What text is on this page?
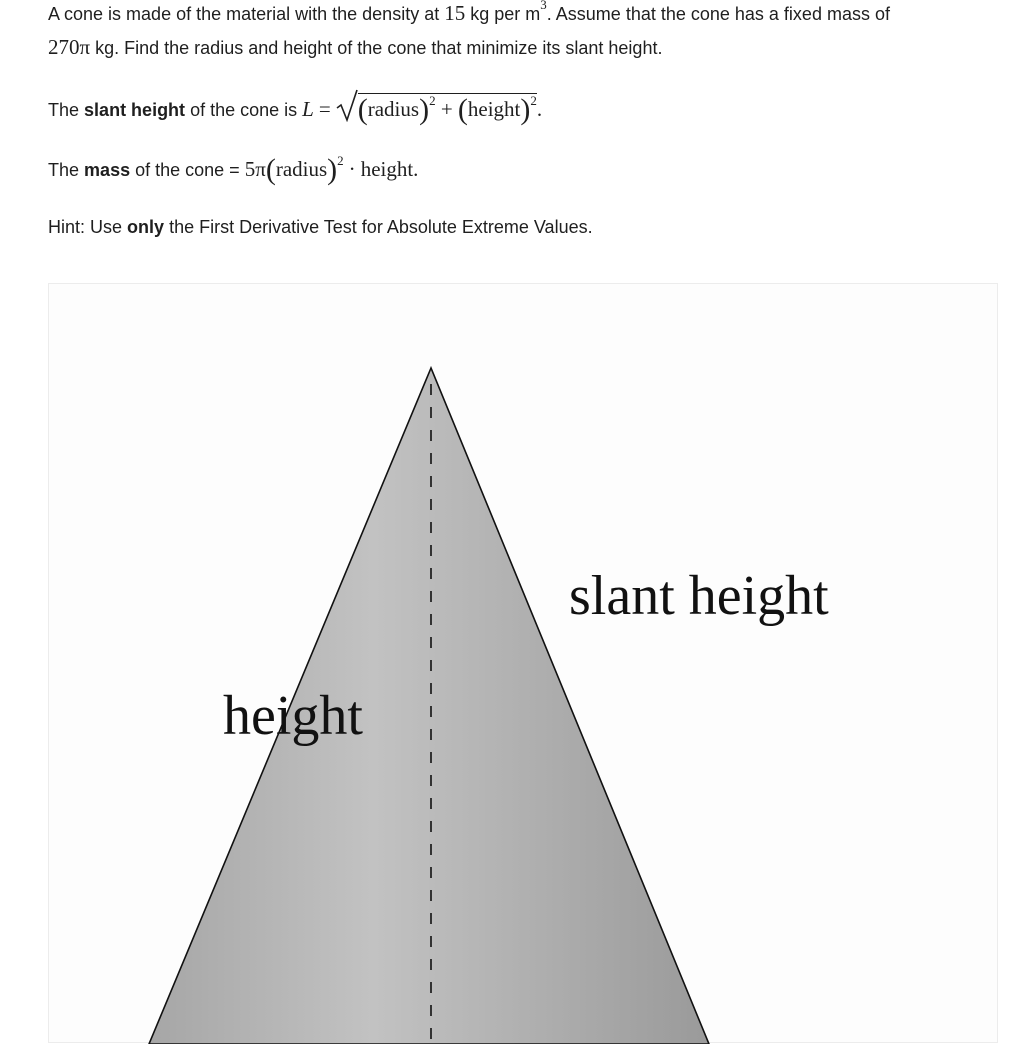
A cone is made of the material with the density at 15 kg per $m^3$. Assume that the cone has a fixed mass of

270π kg. Find the radius and height of the cone that minimize its slant height.

The slant height of the cone is L = (radius)$^2$ + (height)$^2$.

The mass of the cone = 5π(radius)$^2$ · height.

Hint: Use only the First Derivative Test for Absolute Extreme Values.

slant height
height
